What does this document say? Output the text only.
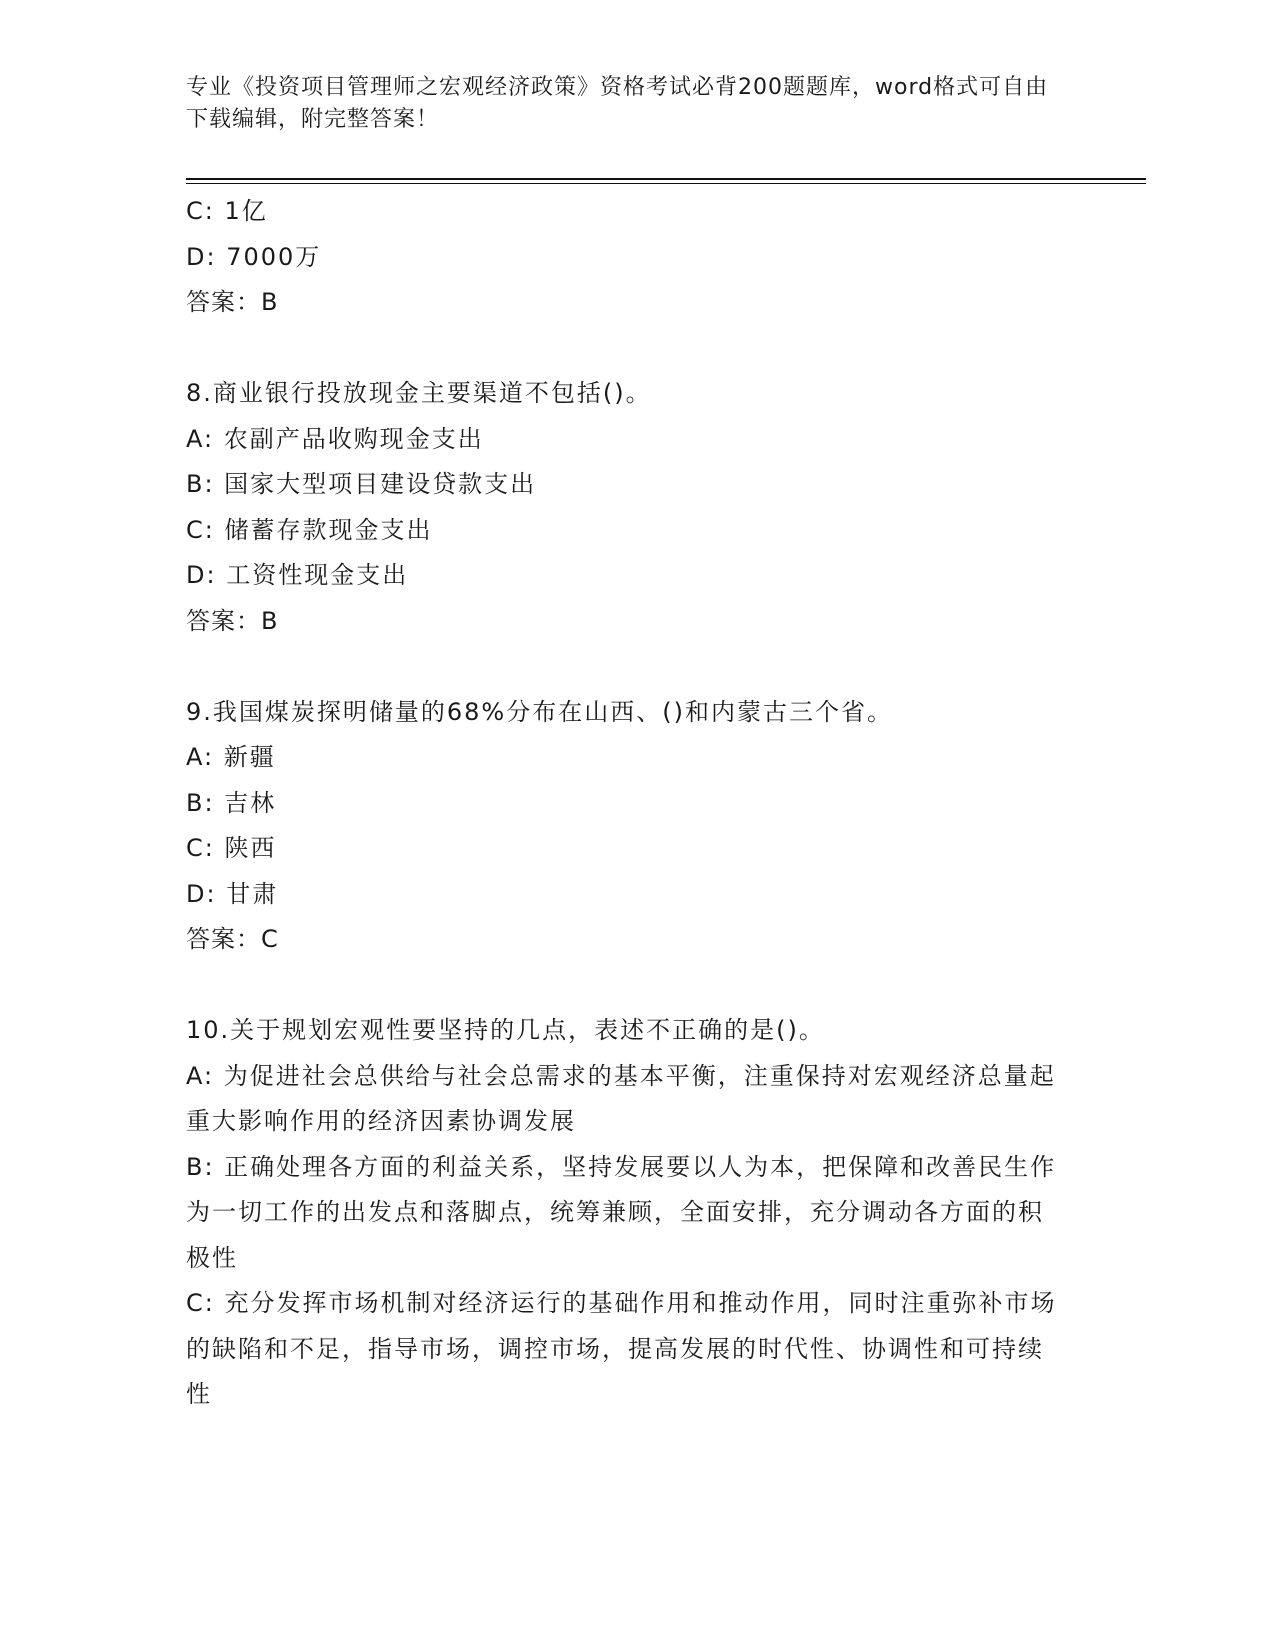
专业《投资项目管理师之宏观经济政策》资格考试必背200题题库，word格式可自由下载编辑，附完整答案！

C: 1亿

D: 7000万

答案：B

8.商业银行投放现金主要渠道不包括()。

A: 农副产品收购现金支出

B: 国家大型项目建设贷款支出

C: 储蓄存款现金支出

D: 工资性现金支出

答案：B

9.我国煤炭探明储量的68%分布在山西、()和内蒙古三个省。

A: 新疆

B: 吉林

C: 陕西

D: 甘肃

答案：C

10.关于规划宏观性要坚持的几点，表述不正确的是()。

A: 为促进社会总供给与社会总需求的基本平衡，注重保持对宏观经济总量起重大影响作用的经济因素协调发展

B: 正确处理各方面的利益关系，坚持发展要以人为本，把保障和改善民生作为一切工作的出发点和落脚点，统筹兼顾，全面安排，充分调动各方面的积极性

C: 充分发挥市场机制对经济运行的基础作用和推动作用，同时注重弥补市场的缺陷和不足，指导市场，调控市场，提高发展的时代性、协调性和可持续性
